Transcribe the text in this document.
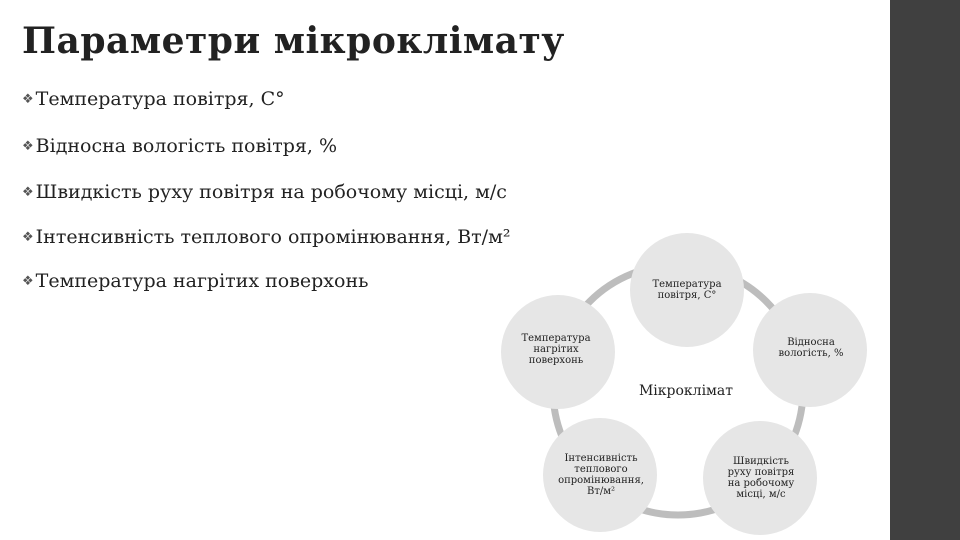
Параметри мікроклімату
❖ Температура повітря, С°
❖ Відносна вологість повітря, %
❖ Швидкість руху повітря на робочому місці, м/с
❖ Інтенсивність теплового опромінювання, Вт/м²
❖ Температура нагрітих поверхонь
Мікроклімат
Температура повітря, С°
Відносна вологість, %
Швидкість руху повітря на робочому місці, м/с
Інтенсивність теплового опромінювання, Вт/м²
Температура нагрітих поверхонь
